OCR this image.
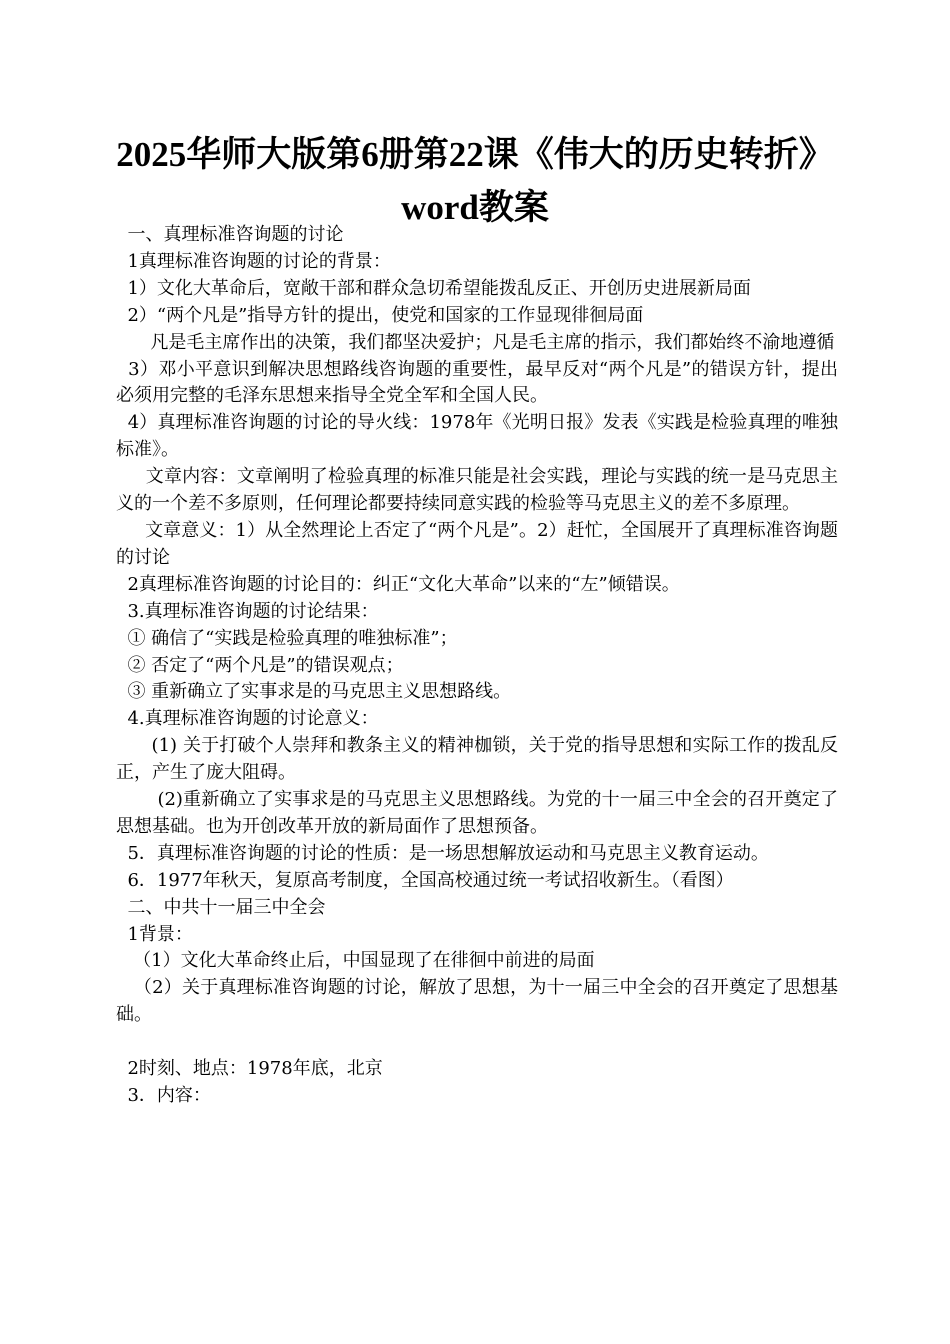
2025华师大版第6册第22课《伟大的历史转折》word教案
一、真理标准咨询题的讨论
1真理标准咨询题的讨论的背景：
1）文化大革命后，宽敞干部和群众急切希望能拨乱反正、开创历史进展新局面
2）“两个凡是”指导方针的提出，使党和国家的工作显现徘徊局面
凡是毛主席作出的决策，我们都坚决爱护；凡是毛主席的指示，我们都始终不渝地遵循
3）邓小平意识到解决思想路线咨询题的重要性，最早反对“两个凡是”的错误方针，提出必须用完整的毛泽东思想来指导全党全军和全国人民。
4）真理标准咨询题的讨论的导火线：1978年《光明日报》发表《实践是检验真理的唯独标准》。
文章内容：文章阐明了检验真理的标准只能是社会实践，理论与实践的统一是马克思主义的一个差不多原则，任何理论都要持续同意实践的检验等马克思主义的差不多原理。
文章意义：1）从全然理论上否定了“两个凡是”。2）赶忙，全国展开了真理标准咨询题的讨论
2真理标准咨询题的讨论目的：纠正“文化大革命”以来的“左”倾错误。
3.真理标准咨询题的讨论结果：
① 确信了“实践是检验真理的唯独标准”；
② 否定了“两个凡是”的错误观点；
③ 重新确立了实事求是的马克思主义思想路线。
4.真理标准咨询题的讨论意义：
(1) 关于打破个人崇拜和教条主义的精神枷锁，关于党的指导思想和实际工作的拨乱反正，产生了庞大阻碍。
(2)重新确立了实事求是的马克思主义思想路线。为党的十一届三中全会的召开奠定了思想基础。也为开创改革开放的新局面作了思想预备。
5．真理标准咨询题的讨论的性质：是一场思想解放运动和马克思主义教育运动。
6．1977年秋天，复原高考制度，全国高校通过统一考试招收新生。（看图）
二、中共十一届三中全会
1背景：
（1）文化大革命终止后，中国显现了在徘徊中前进的局面
（2）关于真理标准咨询题的讨论，解放了思想，为十一届三中全会的召开奠定了思想基础。
2时刻、地点：1978年底，北京
3．内容：
